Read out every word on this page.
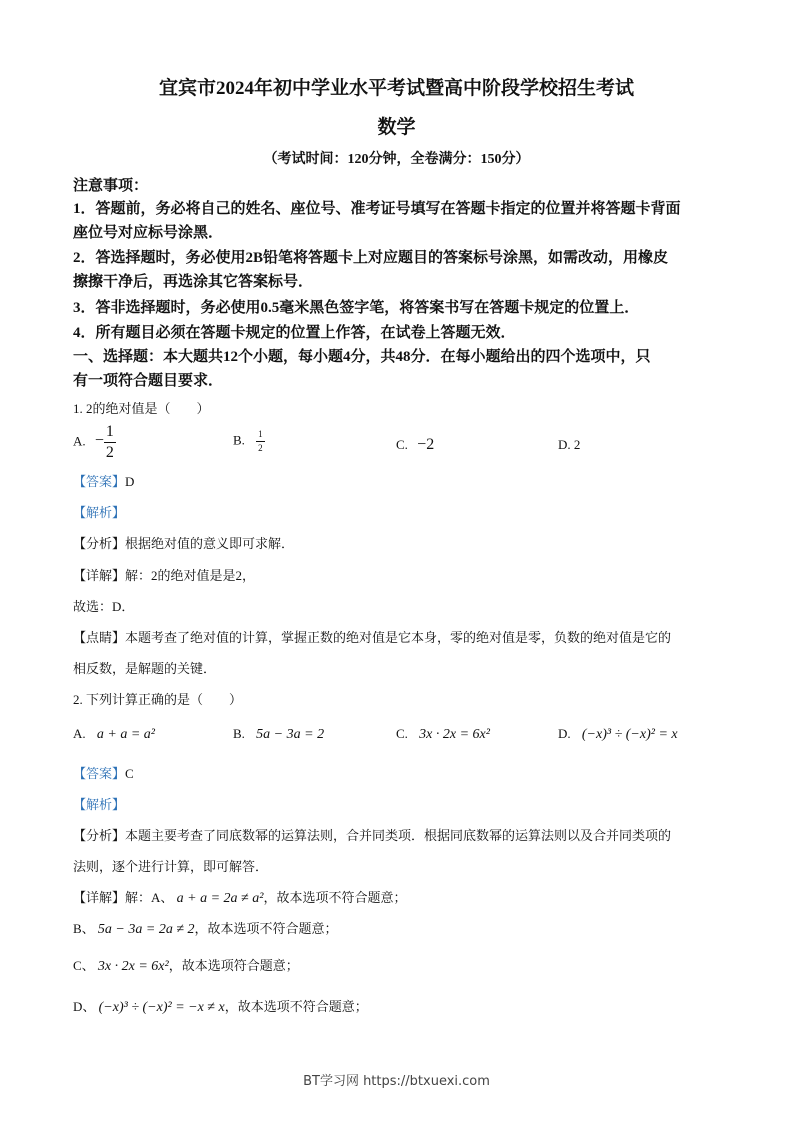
宜宾市2024年初中学业水平考试暨高中阶段学校招生考试
数学
（考试时间：120分钟，全卷满分：150分）
注意事项：
1．答题前，务必将自己的姓名、座位号、准考证号填写在答题卡指定的位置并将答题卡背面
座位号对应标号涂黑．
2．答选择题时，务必使用2B铅笔将答题卡上对应题目的答案标号涂黑，如需改动，用橡皮
擦擦干净后，再选涂其它答案标号．
3．答非选择题时，务必使用0.5毫米黑色签字笔，将答案书写在答题卡规定的位置上．
4．所有题目必须在答题卡规定的位置上作答，在试卷上答题无效．
一、选择题：本大题共12个小题，每小题4分，共48分．在每小题给出的四个选项中，只
有一项符合题目要求．
1. 2的绝对值是（　　）
A. − $\frac{1}{2}$	B. $\frac{1}{2}$	C. −2	D. 2
【答案】D
【解析】
【分析】根据绝对值的意义即可求解．
【详解】解：2的绝对值是是2，
故选：D．
【点睛】本题考查了绝对值的计算，掌握正数的绝对值是它本身，零的绝对值是零，负数的绝对值是它的
相反数，是解题的关键．
2. 下列计算正确的是（　　）
A. a + a = a²	B. 5a − 3a = 2	C. 3x · 2x = 6x²	D. (−x)³ ÷ (−x)² = x
【答案】C
【解析】
【分析】本题主要考查了同底数幂的运算法则，合并同类项．根据同底数幂的运算法则以及合并同类项的
法则，逐个进行计算，即可解答．
【详解】解：A、 a + a = 2a ≠ a²，故本选项不符合题意；
B、 5a − 3a = 2a ≠ 2，故本选项不符合题意；
C、 3x · 2x = 6x²，故本选项符合题意；
D、 (−x)³ ÷ (−x)² = −x ≠ x，故本选项不符合题意；
BT学习网 https://btxuexi.com
